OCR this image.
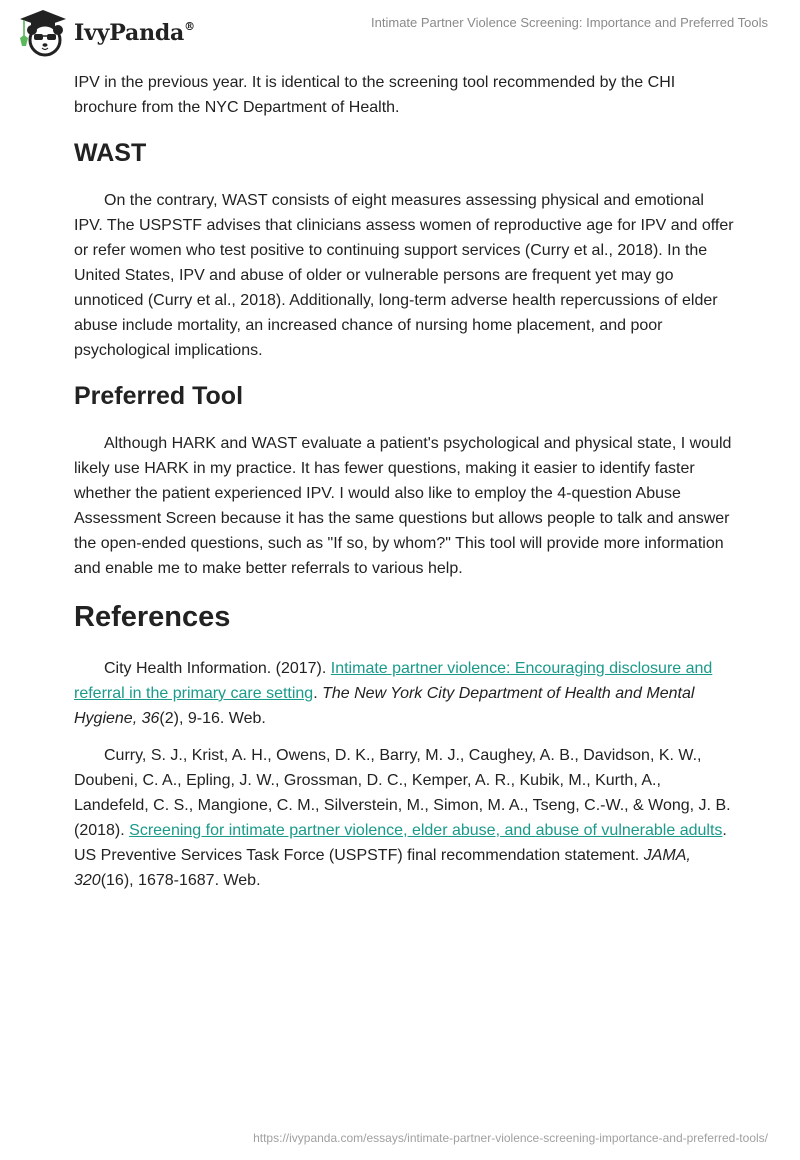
IvyPanda®	Intimate Partner Violence Screening: Importance and Preferred Tools

IPV in the previous year. It is identical to the screening tool recommended by the CHI brochure from the NYC Department of Health.

WAST

On the contrary, WAST consists of eight measures assessing physical and emotional IPV. The USPSTF advises that clinicians assess women of reproductive age for IPV and offer or refer women who test positive to continuing support services (Curry et al., 2018). In the United States, IPV and abuse of older or vulnerable persons are frequent yet may go unnoticed (Curry et al., 2018). Additionally, long-term adverse health repercussions of elder abuse include mortality, an increased chance of nursing home placement, and poor psychological implications.

Preferred Tool

Although HARK and WAST evaluate a patient's psychological and physical state, I would likely use HARK in my practice. It has fewer questions, making it easier to identify faster whether the patient experienced IPV. I would also like to employ the 4-question Abuse Assessment Screen because it has the same questions but allows people to talk and answer the open-ended questions, such as "If so, by whom?" This tool will provide more information and enable me to make better referrals to various help.

References

City Health Information. (2017). Intimate partner violence: Encouraging disclosure and referral in the primary care setting. The New York City Department of Health and Mental Hygiene, 36(2), 9-16. Web.

Curry, S. J., Krist, A. H., Owens, D. K., Barry, M. J., Caughey, A. B., Davidson, K. W., Doubeni, C. A., Epling, J. W., Grossman, D. C., Kemper, A. R., Kubik, M., Kurth, A., Landefeld, C. S., Mangione, C. M., Silverstein, M., Simon, M. A., Tseng, C.-W., & Wong, J. B. (2018). Screening for intimate partner violence, elder abuse, and abuse of vulnerable adults. US Preventive Services Task Force (USPSTF) final recommendation statement. JAMA, 320(16), 1678-1687. Web.

https://ivypanda.com/essays/intimate-partner-violence-screening-importance-and-preferred-tools/
